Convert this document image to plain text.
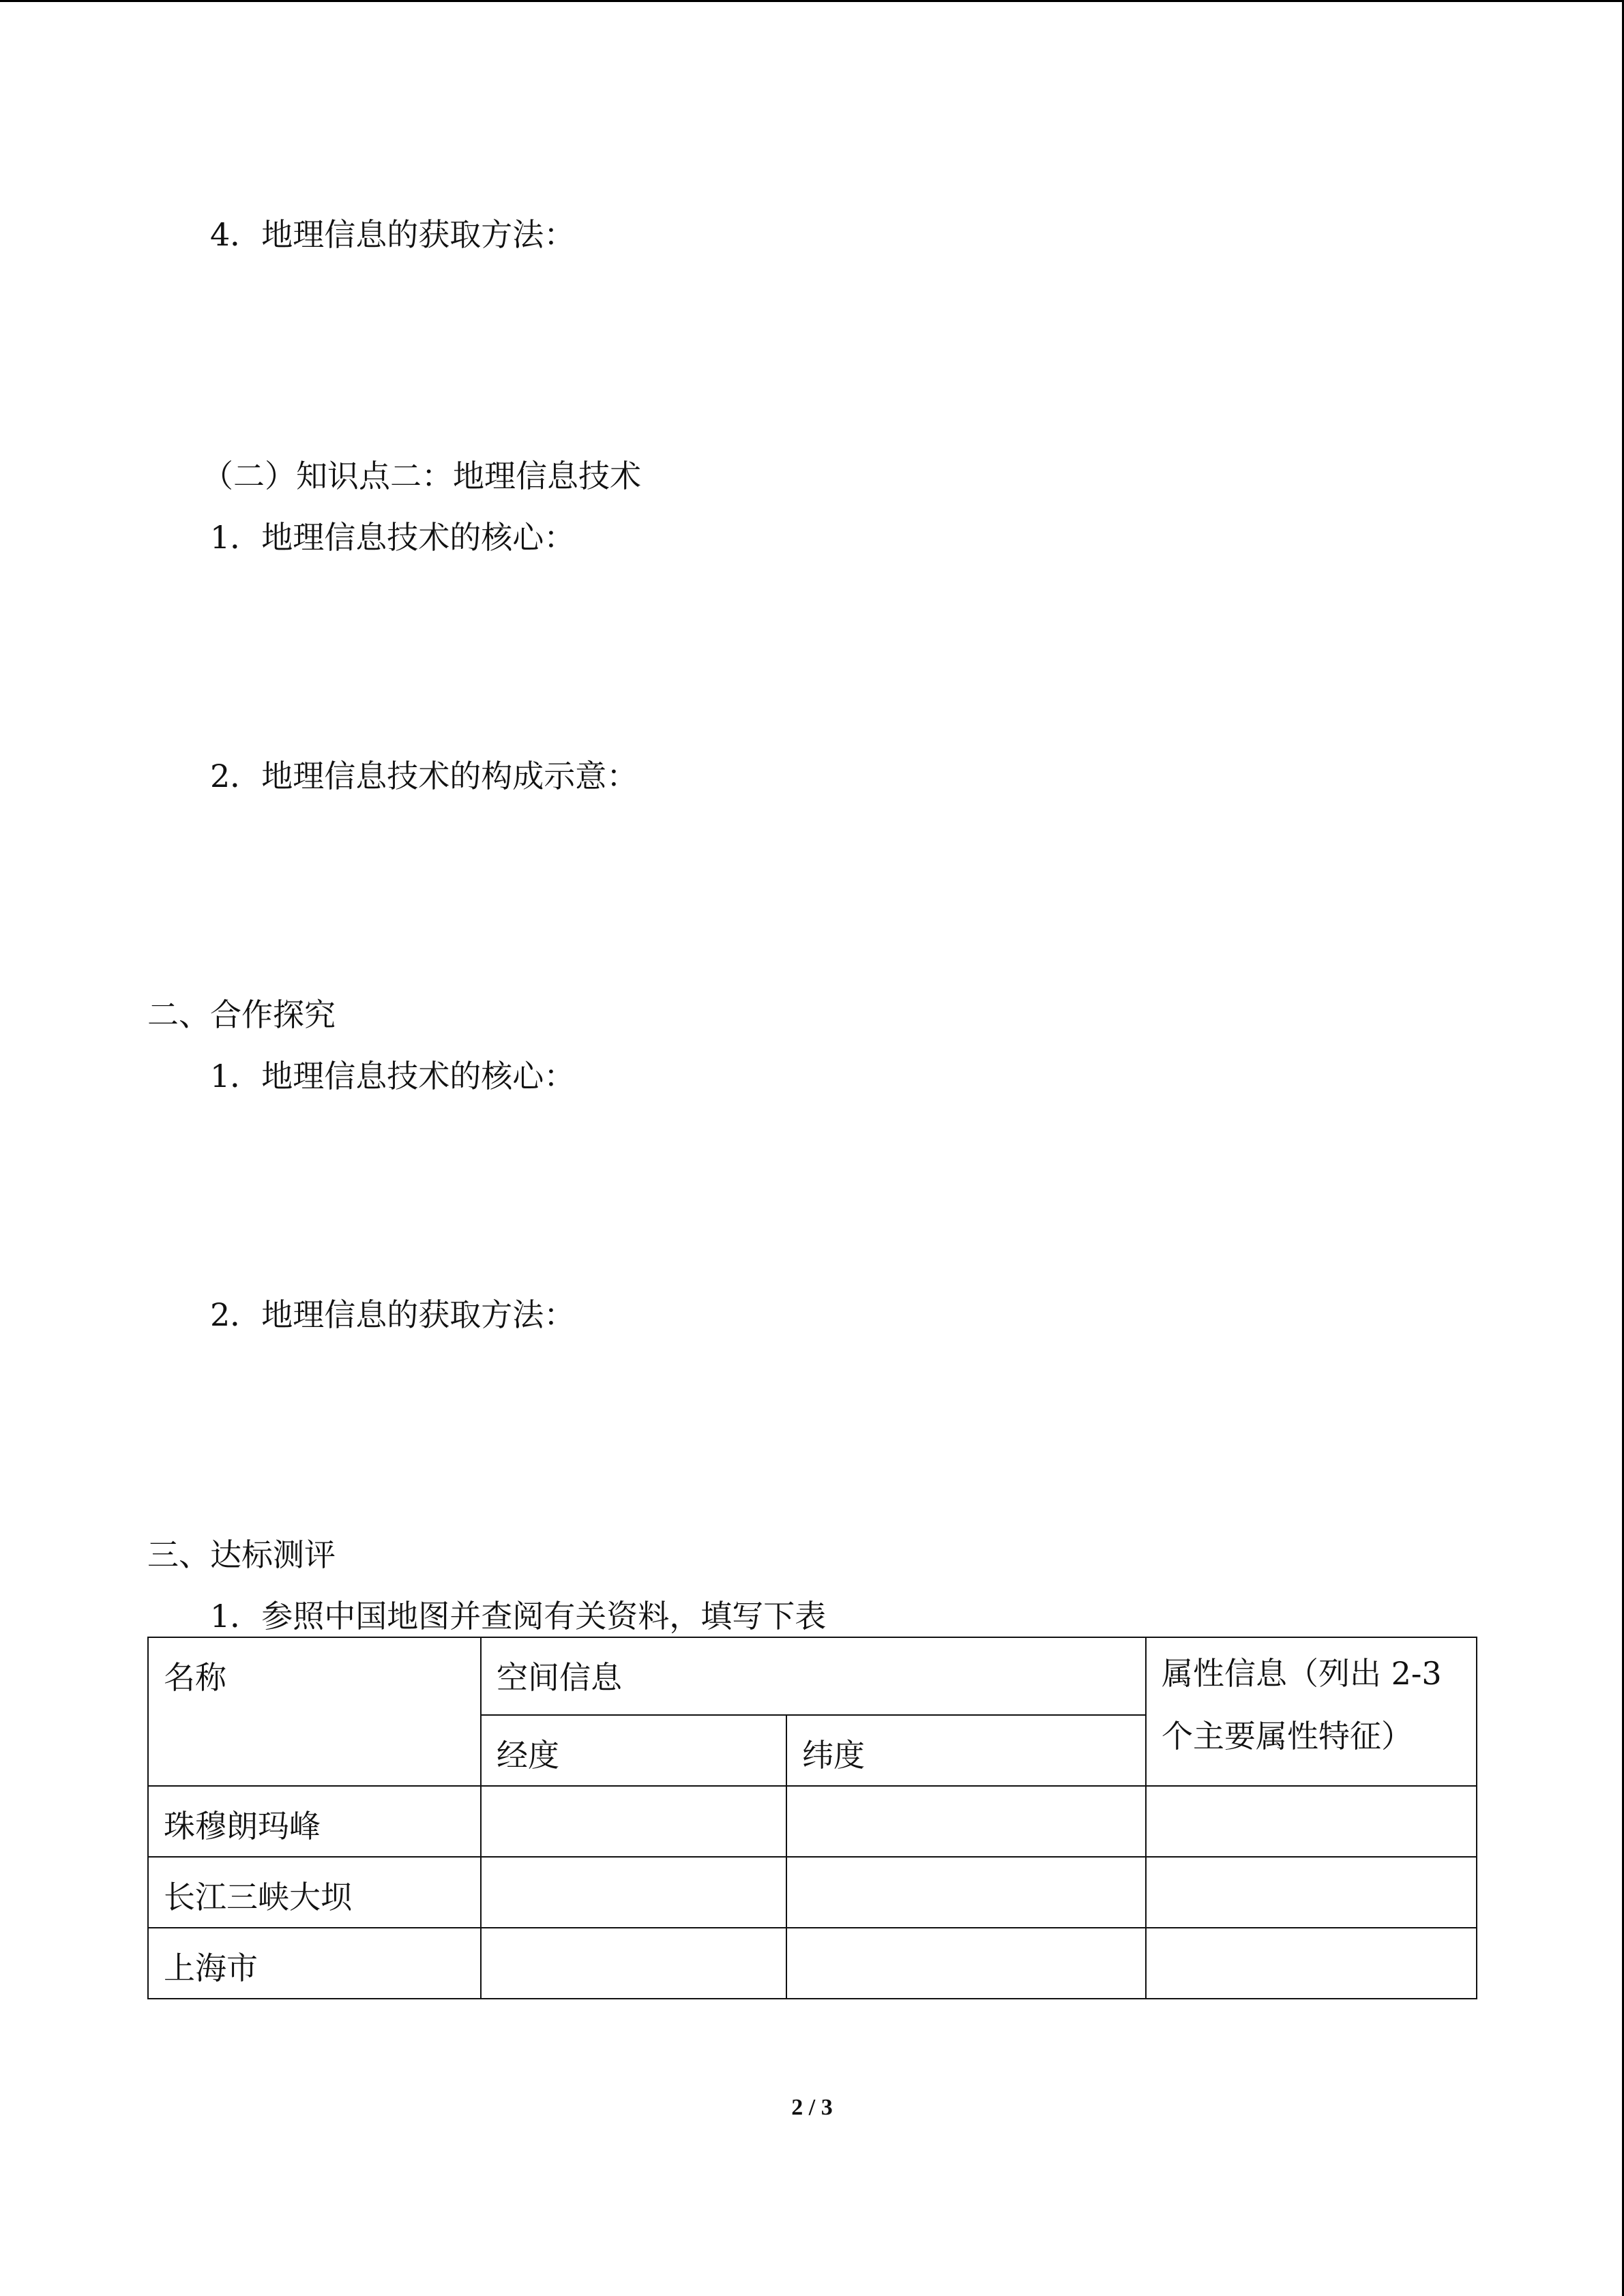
4．地理信息的获取方法：
（二）知识点二：地理信息技术
1．地理信息技术的核心：
2．地理信息技术的构成示意：
二、合作探究
1．地理信息技术的核心：
2．地理信息的获取方法：
三、达标测评
1．参照中国地图并查阅有关资料，填写下表
名称	空间信息		属性信息（列出 2-3 个主要属性特征）
	经度	纬度	
珠穆朗玛峰			
长江三峡大坝			
上海市			
2 / 3
